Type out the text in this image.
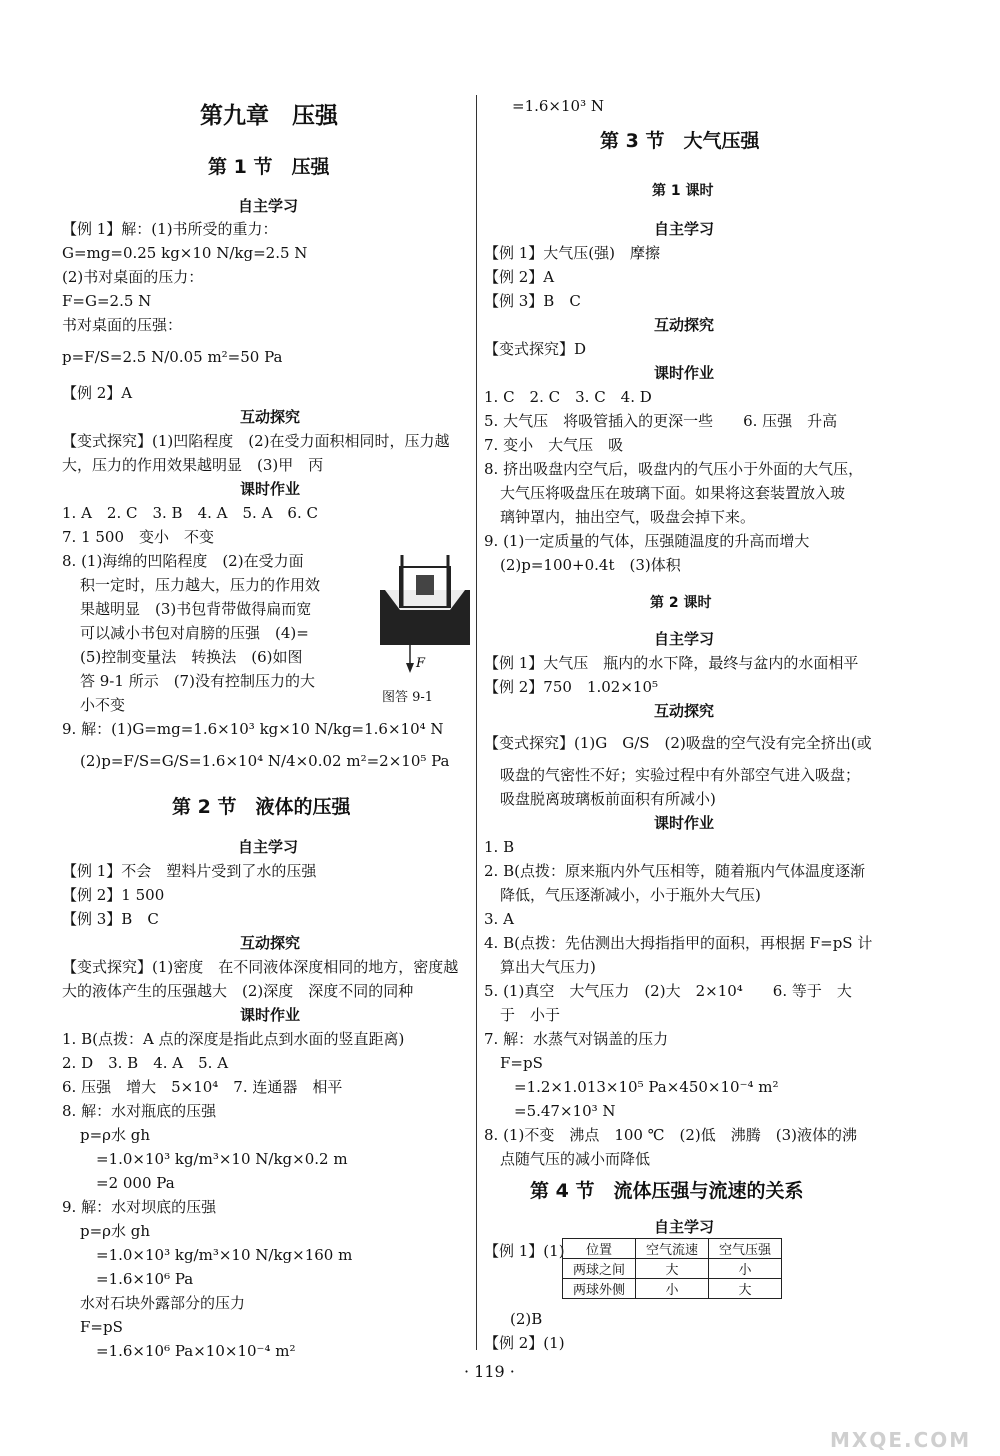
第九章　压强
第 1 节　压强
自主学习
【例 1】解：(1)书所受的重力：
G=mg=0.25 kg×10 N/kg=2.5 N
(2)书对桌面的压力：
F=G=2.5 N
书对桌面的压强：
p=F/S=2.5 N/0.05 m²=50 Pa
【例 2】A
互动探究
【变式探究】(1)凹陷程度　(2)在受力面积相同时，压力越
大，压力的作用效果越明显　(3)甲　丙
课时作业
1. A　2. C　3. B　4. A　5. A　6. C
7. 1 500　变小　不变
8. (1)海绵的凹陷程度　(2)在受力面
积一定时，压力越大，压力的作用效
果越明显　(3)书包背带做得扁而宽
可以减小书包对肩膀的压强　(4)=
(5)控制变量法　转换法　(6)如图
答 9-1 所示　(7)没有控制压力的大
小不变
9. 解：(1)G=mg=1.6×10³ kg×10 N/kg=1.6×10⁴ N
(2)p=F/S=G/S=1.6×10⁴ N/4×0.02 m²=2×10⁵ Pa
第 2 节　液体的压强
自主学习
【例 1】不会　塑料片受到了水的压强
【例 2】1 500
【例 3】B　C
互动探究
【变式探究】(1)密度　在不同液体深度相同的地方，密度越
大的液体产生的压强越大　(2)深度　深度不同的同种
课时作业
1. B(点拨：A 点的深度是指此点到水面的竖直距离)
2. D　3. B　4. A　5. A
6. 压强　增大　5×10⁴　7. 连通器　相平
8. 解：水对瓶底的压强
p=ρ水 gh
=1.0×10³ kg/m³×10 N/kg×0.2 m
=2 000 Pa
9. 解：水对坝底的压强
p=ρ水 gh
=1.0×10³ kg/m³×10 N/kg×160 m
=1.6×10⁶ Pa
水对石块外露部分的压力
F=pS
=1.6×10⁶ Pa×10×10⁻⁴ m²
=1.6×10³ N
第 3 节　大气压强
第 1 课时
自主学习
【例 1】大气压(强)　摩擦
【例 2】A
【例 3】B　C
互动探究
【变式探究】D
课时作业
1. C　2. C　3. C　4. D
5. 大气压　将吸管插入的更深一些　　6. 压强　升高
7. 变小　大气压　吸
8. 挤出吸盘内空气后，吸盘内的气压小于外面的大气压，
大气压将吸盘压在玻璃下面。如果将这套装置放入玻
璃钟罩内，抽出空气，吸盘会掉下来。
9. (1)一定质量的气体，压强随温度的升高而增大
(2)p=100+0.4t　(3)体积
第 2 课时
自主学习
【例 1】大气压　瓶内的水下降，最终与盆内的水面相平
【例 2】750　1.02×10⁵
互动探究
【变式探究】(1)G　G/S　(2)吸盘的空气没有完全挤出(或
吸盘的气密性不好；实验过程中有外部空气进入吸盘；
吸盘脱离玻璃板前面积有所减小)
课时作业
1. B
2. B(点拨：原来瓶内外气压相等，随着瓶内气体温度逐渐
降低，气压逐渐减小，小于瓶外大气压)
3. A
4. B(点拨：先估测出大拇指指甲的面积，再根据 F=pS 计
算出大气压力)
5. (1)真空　大气压力　(2)大　2×10⁴　　6. 等于　大
于　小于
7. 解：水蒸气对锅盖的压力
F=pS
=1.2×1.013×10⁵ Pa×450×10⁻⁴ m²
=5.47×10³ N
8. (1)不变　沸点　100 ℃　(2)低　沸腾　(3)液体的沸
点随气压的减小而降低
第 4 节　流体压强与流速的关系
自主学习
【例 1】(1)
(2)B
【例 2】(1)
F
图答 9-1
位置	空气流速	空气压强
两球之间	大	小
两球外侧	小	大
· 119 ·
MXQE.COM
